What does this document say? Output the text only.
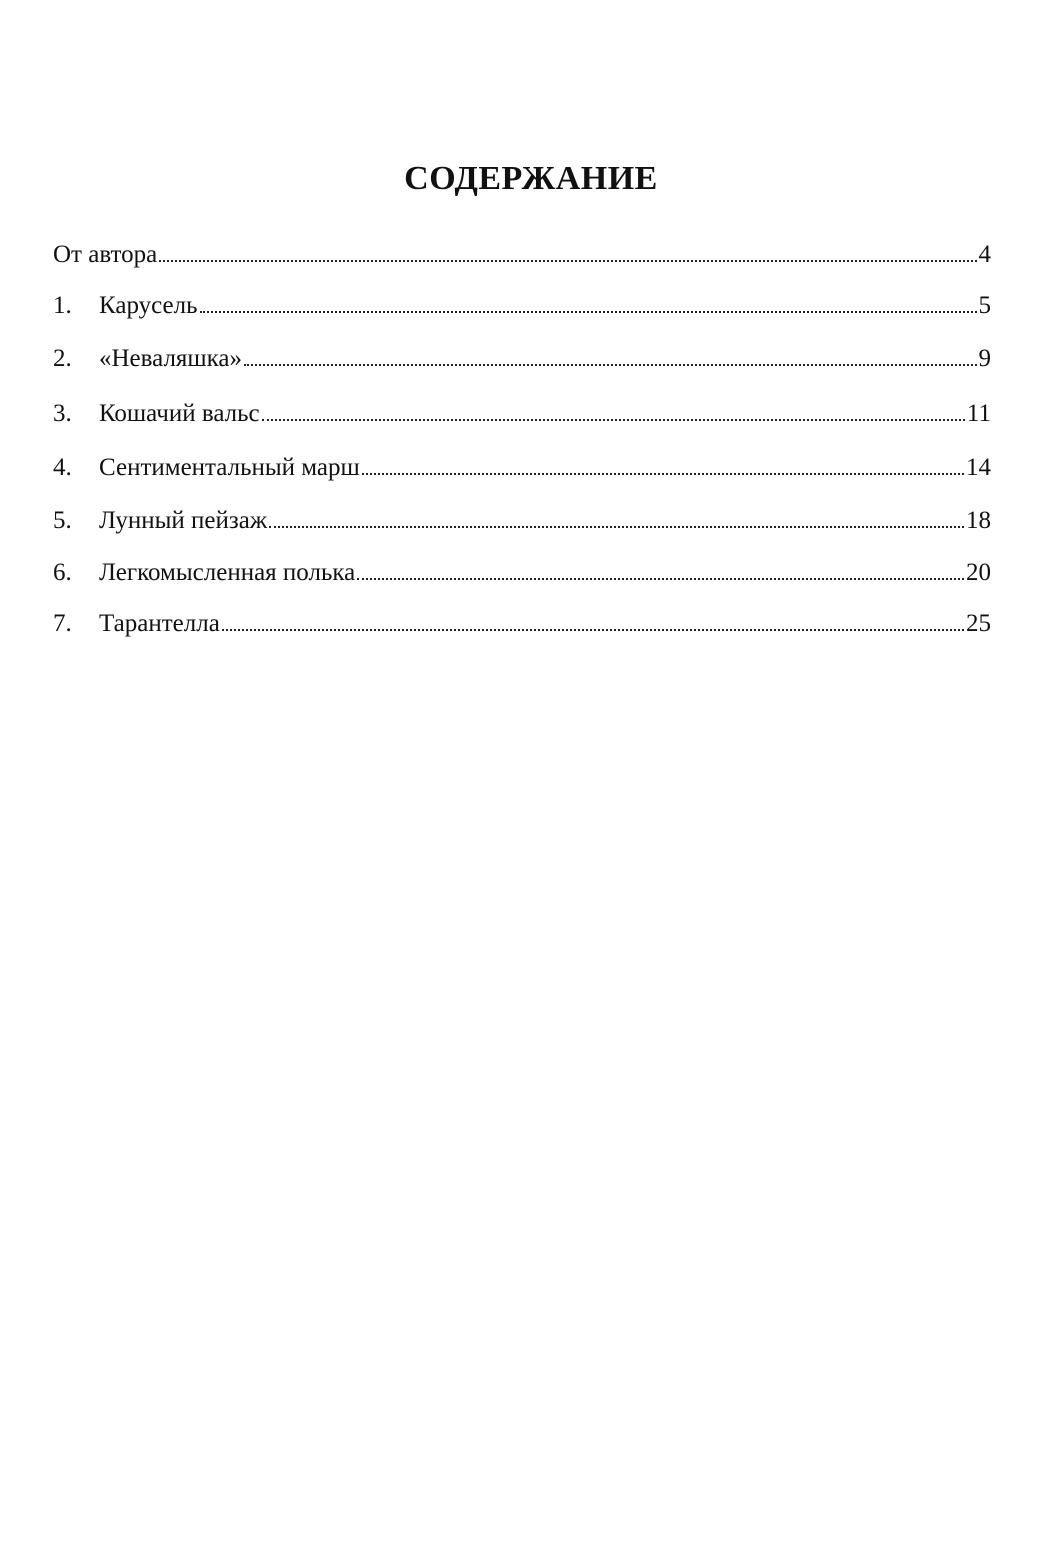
СОДЕРЖАНИЕ
От автора	4
1.	Карусель	5
2.	«Неваляшка»	9
3.	Кошачий вальс	11
4.	Сентиментальный марш	14
5.	Лунный пейзаж	18
6.	Легкомысленная полька	20
7.	Тарантелла	25
